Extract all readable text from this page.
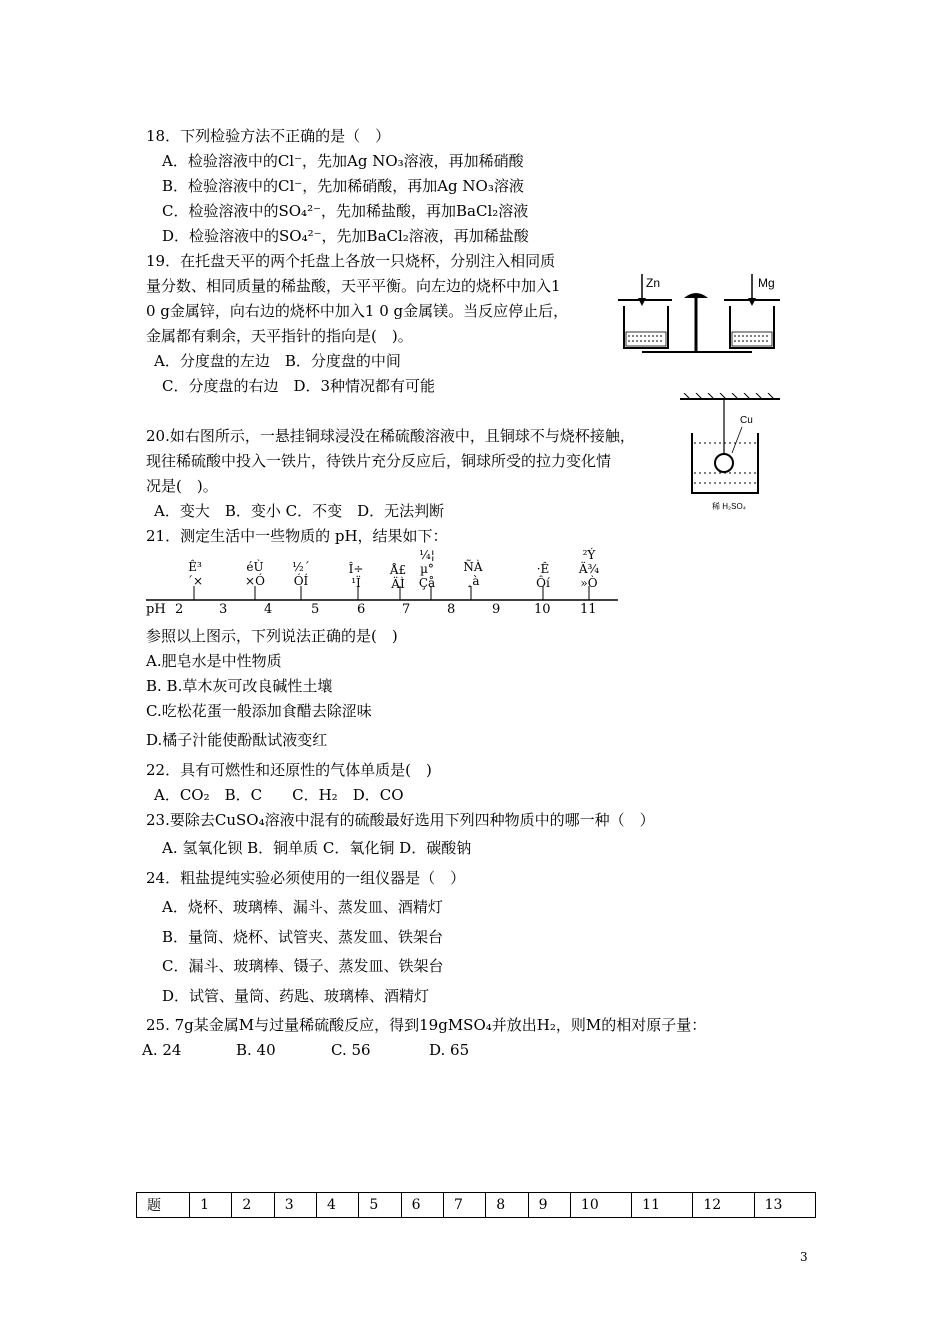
18．下列检验方法不正确的是（　）
A．检验溶液中的Cl⁻，先加Ag NO₃溶液，再加稀硝酸
B．检验溶液中的Cl⁻，先加稀硝酸，再加Ag NO₃溶液
C．检验溶液中的SO₄²⁻，先加稀盐酸，再加BaCl₂溶液
D．检验溶液中的SO₄²⁻，先加BaCl₂溶液，再加稀盐酸
19．在托盘天平的两个托盘上各放一只烧杯，分别注入相同质
量分数、相同质量的稀盐酸，天平平衡。向左边的烧杯中加入1
0 g金属锌，向右边的烧杯中加入1 0 g金属镁。当反应停止后，
金属都有剩余，天平指针的指向是(　)。
A．分度盘的左边　B．分度盘的中间
C．分度盘的右边　D．3种情况都有可能
Zn	Mg
20.如右图所示，一悬挂铜球浸没在稀硫酸溶液中，且铜球不与烧杯接触，
现往稀硫酸中投入一铁片，待铁片充分反应后，铜球所受的拉力变化情
况是(　)。
A．变大　B．变小 C．不变　D．无法判断
Cu
稀 H₂SO₄
21．测定生活中一些物质的 pH，结果如下：
Ê³
´×
éÙ
×Ó
½´
ÓÍ
Î÷
¹Ï
Å£
ÄÌ
¼¦
µ°
Çå
ÑÀ
¸à
·Ê
Ôí
²Ý
Ä¾
»Ò
pH 2	3	4	5	6	7	8	9	10 11
参照以上图示，下列说法正确的是(　)
A.肥皂水是中性物质
B. B.草木灰可改良碱性土壤
C.吃松花蛋一般添加食醋去除涩味
D.橘子汁能使酚酞试液变红
22．具有可燃性和还原性的气体单质是(　)
A．CO₂　B．C　　C．H₂　D．CO
23.要除去CuSO₄溶液中混有的硫酸最好选用下列四种物质中的哪一种（　）
A. 氢氧化钡 B．铜单质 C．氧化铜 D．碳酸钠
24．粗盐提纯实验必须使用的一组仪器是（　）
A．烧杯、玻璃棒、漏斗、蒸发皿、酒精灯
B．量筒、烧杯、试管夹、蒸发皿、铁架台
C．漏斗、玻璃棒、镊子、蒸发皿、铁架台
D．试管、量筒、药匙、玻璃棒、酒精灯
25. 7g某金属M与过量稀硫酸反应，得到19gMSO₄并放出H₂，则M的相对原子量：
A. 24	B. 40	C. 56	D. 65
题	1	2	3	4	5	6	7	8	9	10	11	12	13
3
